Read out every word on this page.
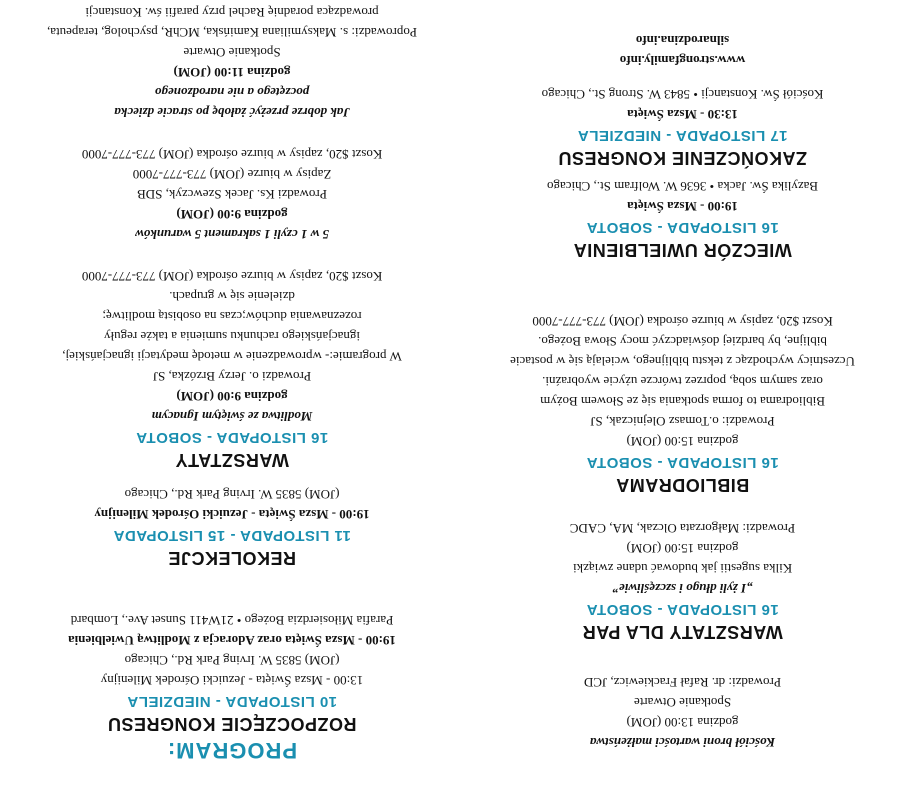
PROGRAM:

ROZPOCZĘCIE KONGRESU

10 LISTOPADA - NIEDZIELA

13:00 - Msza Święta - Jezuicki Ośrodek Milenijny

(JOM) 5835 W. Irving Park Rd., Chicago

19:00 - Msza Święta oraz Adoracja z Modlitwą Uwielbienia

Parafia Miłosierdzia Bożego • 21W411 Sunset Ave., Lombard

REKOLEKCJE

11 LISTOPADA - 15 LISTOPADA

19:00 - Msza Święta - Jezuicki Ośrodek Milenijny

(JOM) 5835 W. Irving Park Rd., Chicago

WARSZTATY

16 LISTOPADA - SOBOTA

Modlitwa ze świętym Ignacym

godzina 9:00 (JOM)

Prowadzi o. Jerzy Brzózka, SJ

W programie:- wprowadzenie w metodę medytacji ignacjańskiej,

ignacjańskiego rachunku sumienia a także reguły

rozeznawania duchów;czas na osobistą modlitwę;

dzielenie się w grupach.

Koszt $20, zapisy w biurze ośrodka (JOM) 773-777-7000

5 w 1 czyli 1 sakrament 5 warunków

godzina 9:00 (JOM)

Prowadzi Ks. Jacek Szewczyk, SDB

Zapisy w biurze (JOM) 773-777-7000

Koszt $20, zapisy w biurze ośrodka (JOM) 773-777-7000

Jak dobrze przeżyć żałobę po stracie dziecka

poczętego a nie narodzonego

godzina 11:00 (JOM)

Spotkanie Otwarte

Poprowadzi: s. Maksymiliana Kamińska, MChR, psycholog, terapeuta,

prowadząca poradnię Rachel przy parafii św. Konstancji

Kościół broni wartości małżeństwa

godzina 13:00 (JOM)

Spotkanie Otwarte

Prowadzi: dr. Rafał Frackiewicz, JCD

WARSZTATY DLA PAR

16 LISTOPADA - SOBOTA

„I żyli długo i szczęśliwie”

Kilka sugestii jak budować udane związki

godzina 15:00 (JOM)

Prowadzi: Małgorzata Olczak, MA, CADC

BIBLIODRAMA

16 LISTOPADA - SOBOTA

godzina 15:00 (JOM)

Prowadzi: o.Tomasz Olejniczak, SJ

Bibliodrama to forma spotkania się ze Słowem Bożym

oraz samym sobą, poprzez twórcze użycie wyobraźni.

Uczestnicy wychodząc z tekstu biblijnego, wcielają się w postacie

biblijne, by bardziej doświadczyć mocy Słowa Bożego.

Koszt $20, zapisy w biurze ośrodka (JOM) 773-777-7000

WIECZÓR UWIELBIENIA

16 LISTOPADA - SOBOTA

19:00 - Msza Święta

Bazylika Św. Jacka • 3636 W. Wolfram St., Chicago

ZAKOŃCZENIE KONGRESU

17 LISTOPADA - NIEDZIELA

13:30 - Msza Święta

Kościół Św. Konstancji • 5843 W. Strong St., Chicago

www.strongfamily.info

silnarodzina.info
